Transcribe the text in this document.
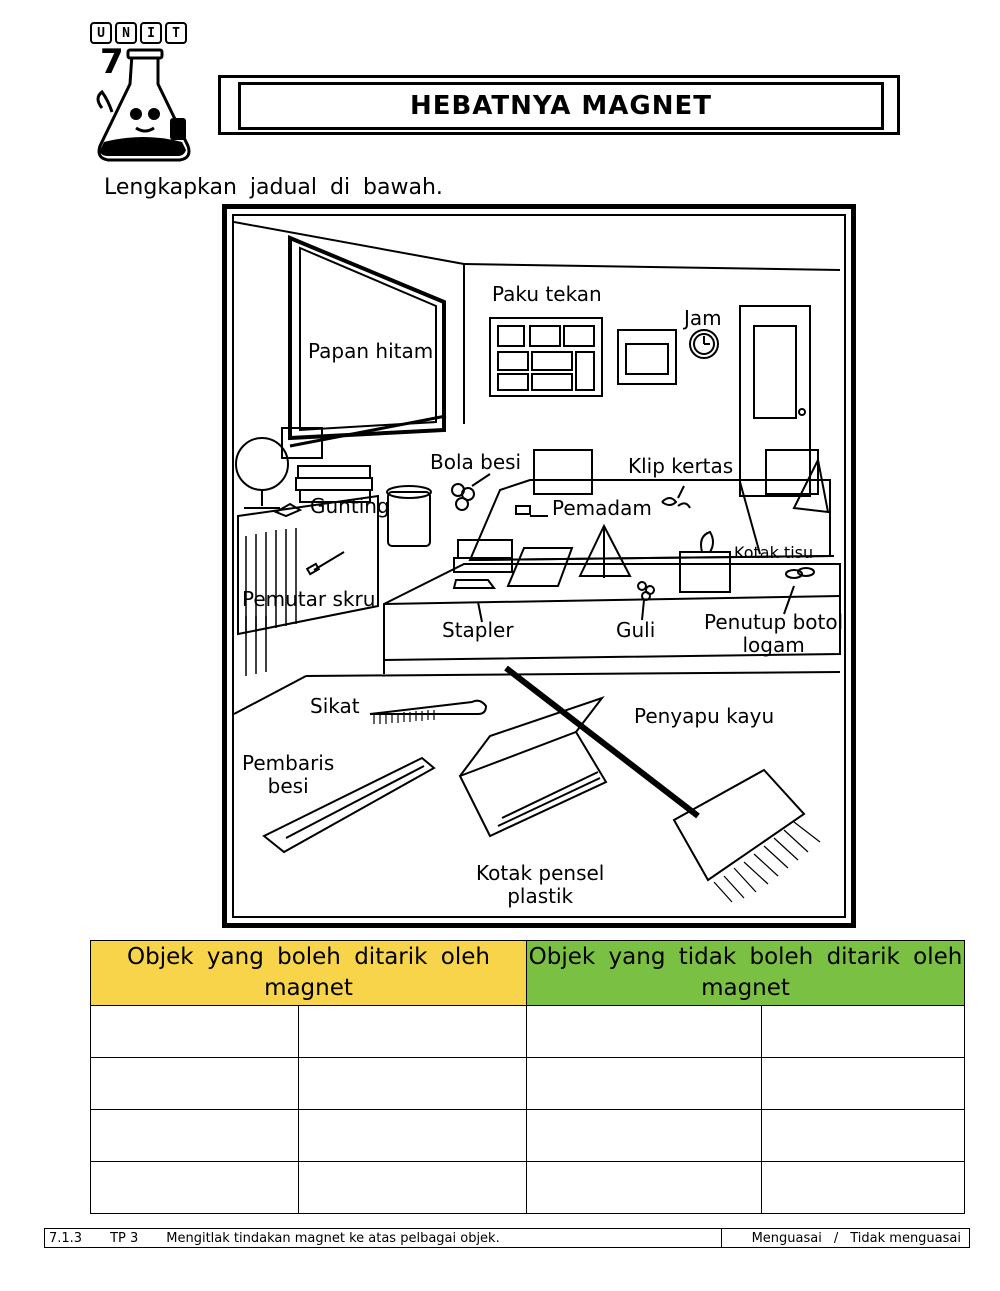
U	N	I	T
7
HEBATNYA MAGNET
Lengkapkan jadual di bawah.
Papan hitam
Paku tekan
Jam
Bola besi	Klip kertas
Gunting	Pemadam
Kotak tisu
Pemutar skru
Stapler	Guli Penutup botol
logam
Sikat	Penyapu kayu
Pembaris
besi
Kotak pensel
plastik
Objek yang boleh ditarik oleh magnet		Objek yang tidak boleh ditarik oleh magnet	

7.1.3 TP 3 Mengitlak tindakan magnet ke atas pelbagai objek.	Menguasai / Tidak menguasai
